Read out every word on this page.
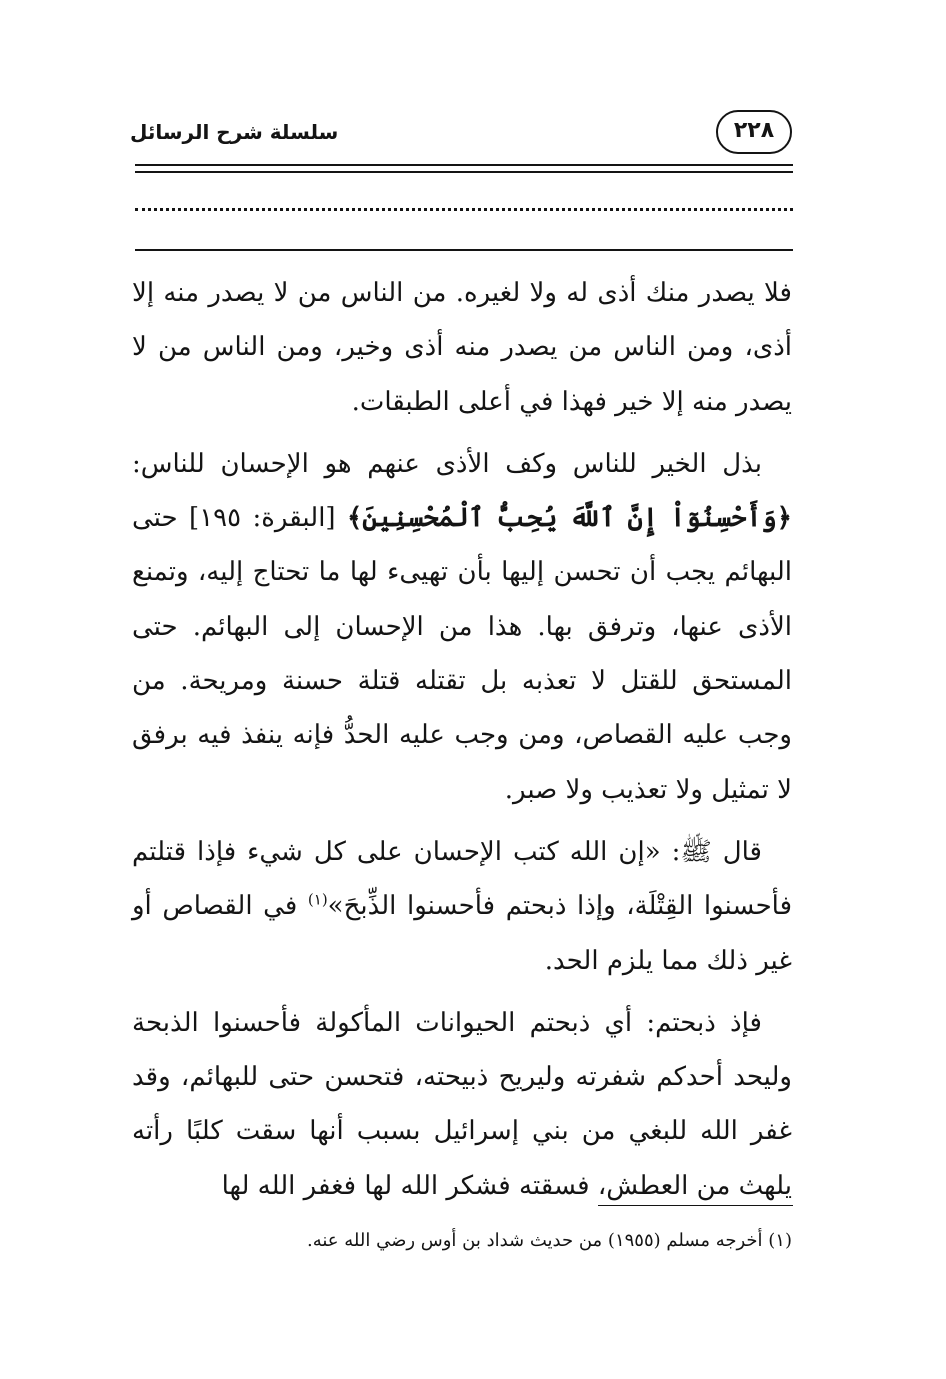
سلسلة شرح الرسائل	٢٢٨

فلا يصدر منك أذى له ولا لغيره. من الناس من لا يصدر منه إلا أذى، ومن الناس من يصدر منه أذى وخير، ومن الناس من لا يصدر منه إلا خير فهذا في أعلى الطبقات.

بذل الخير للناس وكف الأذى عنهم هو الإحسان للناس: ﴿وَأَحْسِنُوٓاْ إِنَّ ٱللَّهَ يُحِبُّ ٱلْمُحْسِنِينَ﴾ [البقرة: ١٩٥] حتى البهائم يجب أن تحسن إليها بأن تهيىء لها ما تحتاج إليه، وتمنع الأذى عنها، وترفق بها. هذا من الإحسان إلى البهائم. حتى المستحق للقتل لا تعذبه بل تقتله قتلة حسنة ومريحة. من وجب عليه القصاص، ومن وجب عليه الحدُّ فإنه ينفذ فيه برفق لا تمثيل ولا تعذيب ولا صبر.

قال ﷺ: «إن الله كتب الإحسان على كل شيء فإذا قتلتم فأحسنوا القِتْلَة، وإذا ذبحتم فأحسنوا الذِّبحَ»$^{(١)}$ في القصاص أو غير ذلك مما يلزم الحد.

فإذ ذبحتم: أي ذبحتم الحيوانات المأكولة فأحسنوا الذبحة وليحد أحدكم شفرته وليريح ذبيحته، فتحسن حتى للبهائم، وقد غفر الله للبغي من بني إسرائيل بسبب أنها سقت كلبًا رأته يلهث من العطش، فسقته فشكر الله لها فغفر الله لها

(١) أخرجه مسلم (١٩٥٥) من حديث شداد بن أوس رضي الله عنه.
